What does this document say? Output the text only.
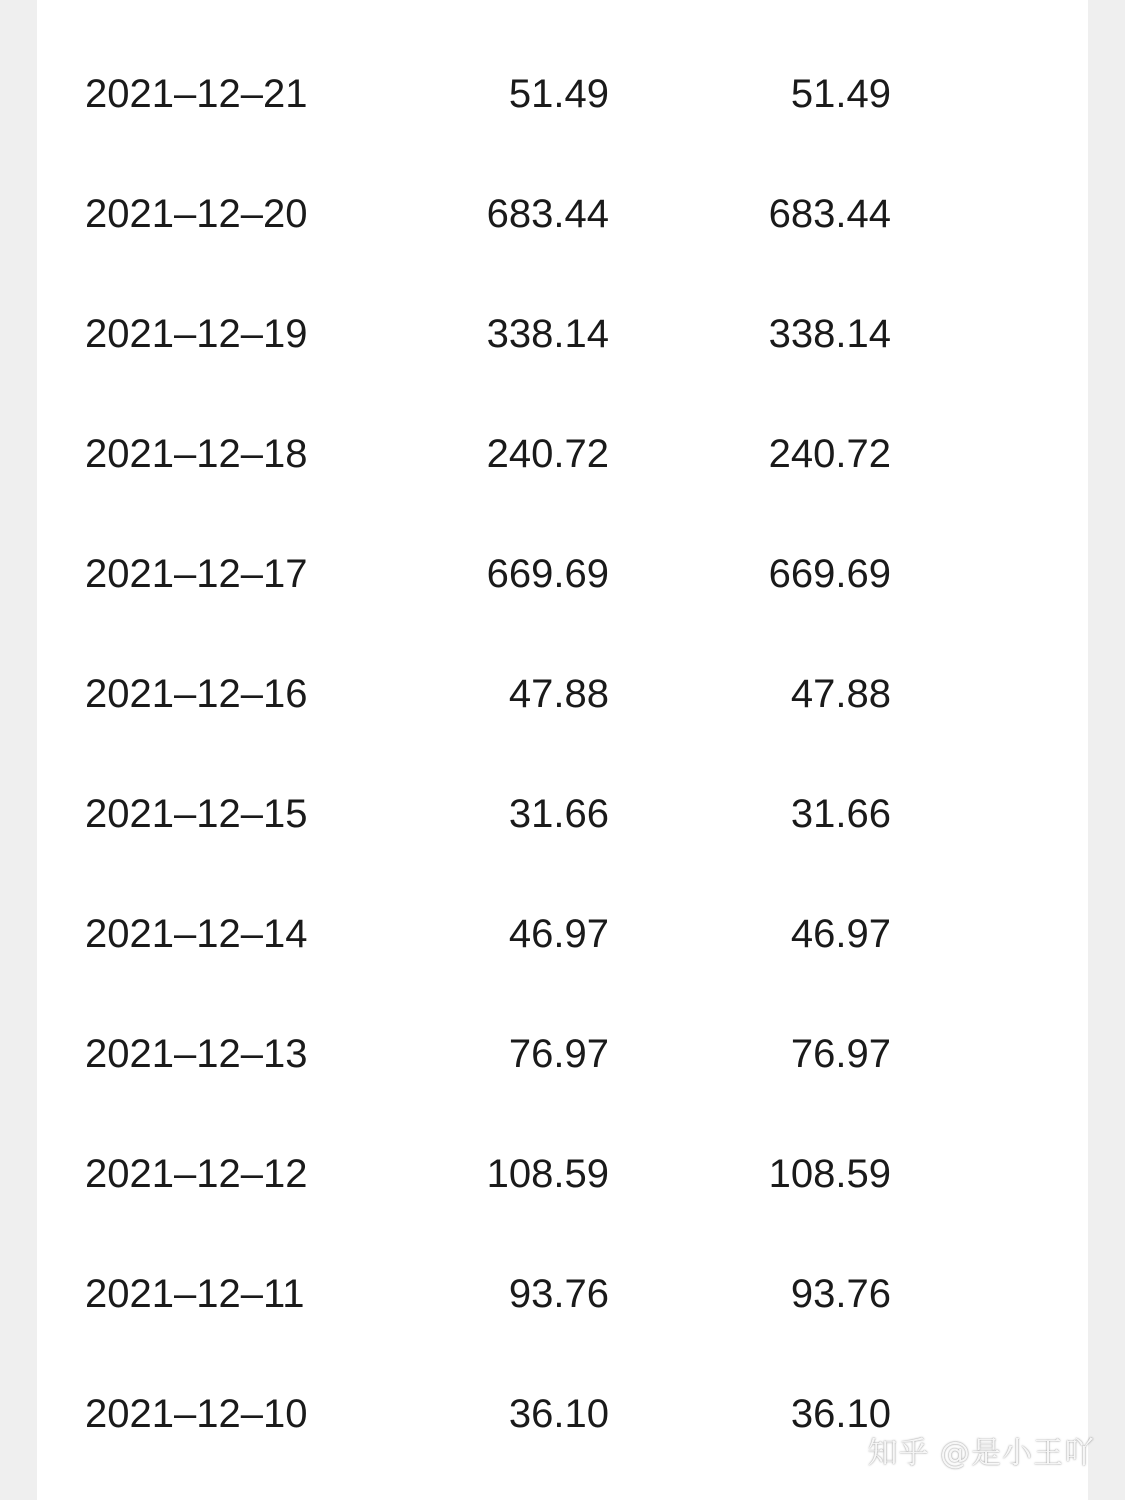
2021–12–21	51.49	51.49
2021–12–20	683.44	683.44
2021–12–19	338.14	338.14
2021–12–18	240.72	240.72
2021–12–17	669.69	669.69
2021–12–16	47.88	47.88
2021–12–15	31.66	31.66
2021–12–14	46.97	46.97
2021–12–13	76.97	76.97
2021–12–12	108.59	108.59
2021–12–11	93.76	93.76
2021–12–10	36.10	36.10
知乎 @是小王吖
